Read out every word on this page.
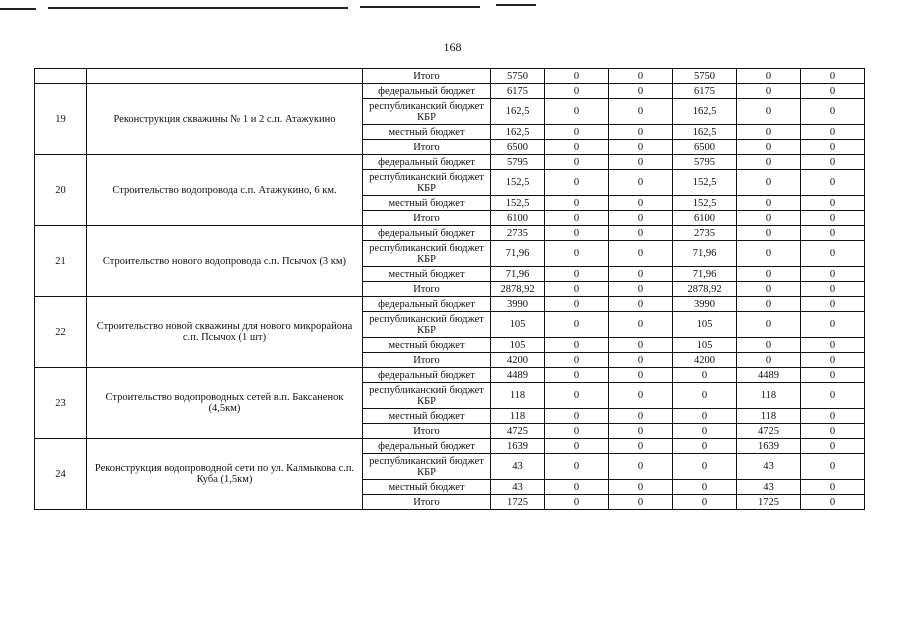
168
		Итого	5750	0	0	5750	0	0
19	Реконструкция скважины № 1 и 2 с.п. Атажукино	федеральный бюджет	6175	0	0	6175	0	0
		республиканский бюджет КБР	162,5	0	0	162,5	0	0
		местный бюджет	162,5	0	0	162,5	0	0
		Итого	6500	0	0	6500	0	0
20	Строительство водопровода с.п. Атажукино, 6 км.	федеральный бюджет	5795	0	0	5795	0	0
		республиканский бюджет КБР	152,5	0	0	152,5	0	0
		местный бюджет	152,5	0	0	152,5	0	0
		Итого	6100	0	0	6100	0	0
21	Строительство нового водопровода с.п. Псычох (3 км)	федеральный бюджет	2735	0	0	2735	0	0
		республиканский бюджет КБР	71,96	0	0	71,96	0	0
		местный бюджет	71,96	0	0	71,96	0	0
		Итого	2878,92	0	0	2878,92	0	0
22	Строительство новой скважины для нового микрорайона с.п. Псычох (1 шт)	федеральный бюджет	3990	0	0	3990	0	0
		республиканский бюджет КБР	105	0	0	105	0	0
		местный бюджет	105	0	0	105	0	0
		Итого	4200	0	0	4200	0	0
23	Строительство водопроводных сетей в.п. Баксаненок (4,5км)	федеральный бюджет	4489	0	0	0	4489	0
		республиканский бюджет КБР	118	0	0	0	118	0
		местный бюджет	118	0	0	0	118	0
		Итого	4725	0	0	0	4725	0
24	Реконструкция водопроводной сети по ул. Калмыкова с.п. Куба (1,5км)	федеральный бюджет	1639	0	0	0	1639	0
		республиканский бюджет КБР	43	0	0	0	43	0
		местный бюджет	43	0	0	0	43	0
		Итого	1725	0	0	0	1725	0
